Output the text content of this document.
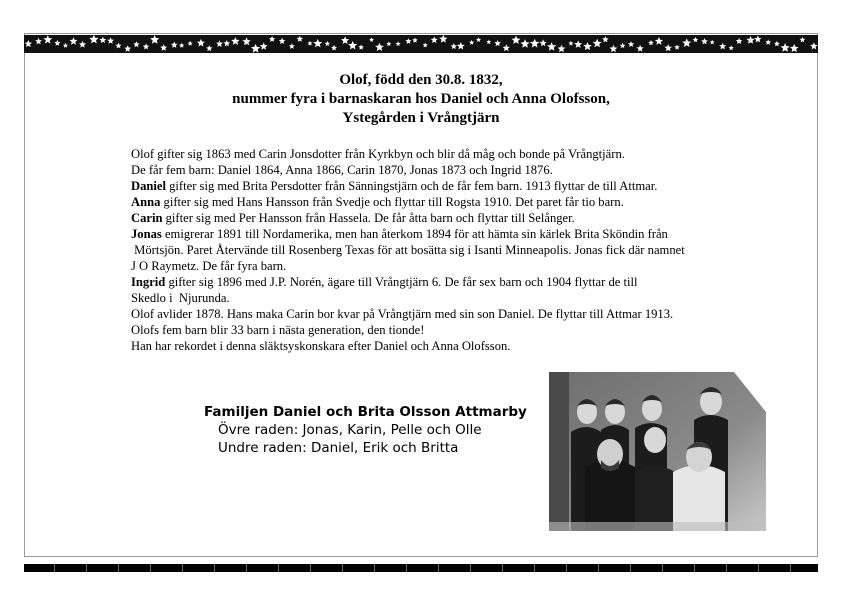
Olof, född den 30.8. 1832,
nummer fyra i barnaskaran hos Daniel och Anna Olofsson,
Ystegården i Vrångtjärn

Olof gifter sig 1863 med Carin Jonsdotter från Kyrkbyn och blir då måg och bonde på Vrångtjärn.

De får fem barn: Daniel 1864, Anna 1866, Carin 1870, Jonas 1873 och Ingrid 1876.

Daniel gifter sig med Brita Persdotter från Sänningstjärn och de får fem barn. 1913 flyttar de till Attmar.

Anna gifter sig med Hans Hansson från Svedje och flyttar till Rogsta 1910. Det paret får tio barn.

Carin gifter sig med Per Hansson från Hassela. De får åtta barn och flyttar till Selånger.

Jonas emigrerar 1891 till Nordamerika, men han återkom 1894 för att hämta sin kärlek Brita Sköndin från

Mörtsjön. Paret Återvände till Rosenberg Texas för att bosätta sig i Isanti Minneapolis. Jonas fick där namnet

J O Raymetz. De får fyra barn.

Ingrid gifter sig 1896 med J.P. Norén, ägare till Vrångtjärn 6. De får sex barn och 1904 flyttar de till

Skedlo i  Njurunda.

Olof avlider 1878. Hans maka Carin bor kvar på Vrångtjärn med sin son Daniel. De flyttar till Attmar 1913.

Olofs fem barn blir 33 barn i nästa generation, den tionde!

Han har rekordet i denna släktsyskonskara efter Daniel och Anna Olofsson.

Familjen Daniel och Brita Olsson Attmarby
Övre raden: Jonas, Karin, Pelle och Olle
Undre raden: Daniel, Erik och Britta
